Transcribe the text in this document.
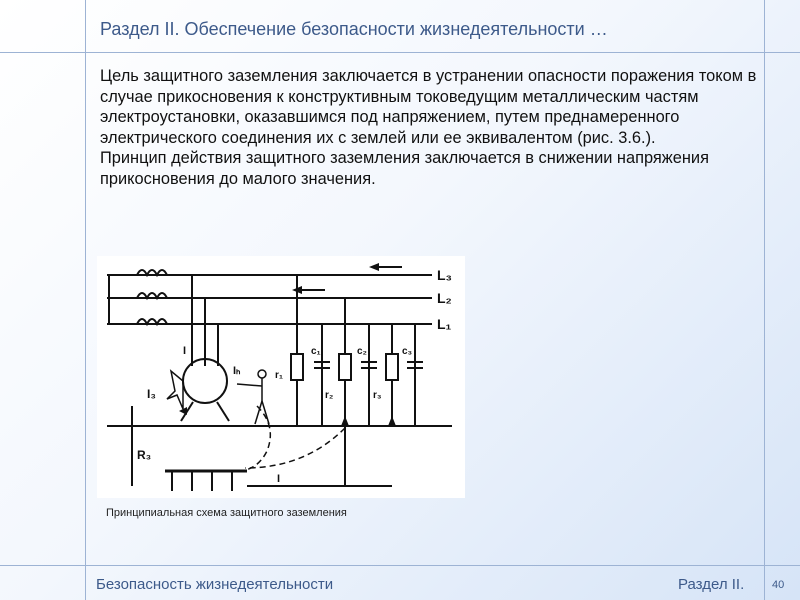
Раздел II. Обеспечение безопасности жизнедеятельности …

Цель защитного заземления заключается в устранении опасности поражения током в случае прикосновения к конструктивным токоведущим металлическим частям электроустановки, оказавшимся под напряжением, путем преднамеренного электрического соединения их с землей или ее эквивалентом (рис. 3.6.).

Принцип действия защитного заземления заключается в снижении напряжения прикосновения до малого значения.

L₃
L₂
L₁
I
Iₕ
I₃
R₃
r₁
r₂	r₃
c₁	c₂	c₃
I
Принципиальная схема защитного заземления
Безопасность жизнедеятельности	Раздел II.	40
